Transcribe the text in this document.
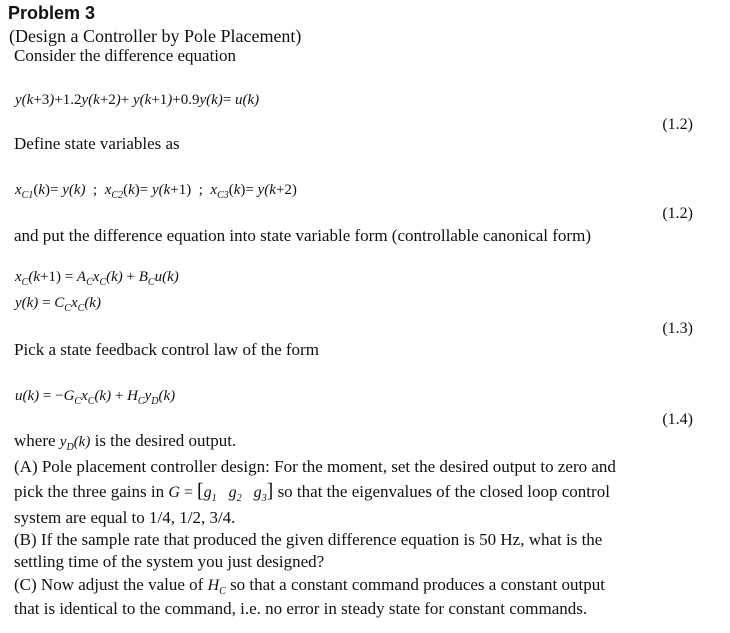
Problem 3
(Design a Controller by Pole Placement)
Consider the difference equation
y(k+3)+1.2y(k+2)+ y(k+1)+0.9y(k)= u(k)
(1.2)
Define state variables as
$x_{C1}(k)= y(k)$  ;  $x_{C2}(k)= y(k+1)$  ;  $x_{C3}(k)= y(k+2)$
(1.2)
and put the difference equation into state variable form (controllable canonical form)
$x_C(k+1) = A_Cx_C(k) + B_Cu(k)$
$y(k) = C_Cx_C(k)$
(1.3)
Pick a state feedback control law of the form
$u(k) = -G_Cx_C(k) + H_Cy_D(k)$
(1.4)
where $y_D(k)$ is the desired output.
(A) Pole placement controller design: For the moment, set the desired output to zero and
pick the three gains in $G = [g_1$   $g_2$   $g_3$] so that the eigenvalues of the closed loop control
system are equal to 1/4, 1/2, 3/4.
(B) If the sample rate that produced the given difference equation is 50 Hz, what is the
settling time of the system you just designed?
(C) Now adjust the value of $H_C$ so that a constant command produces a constant output
that is identical to the command, i.e. no error in steady state for constant commands.
